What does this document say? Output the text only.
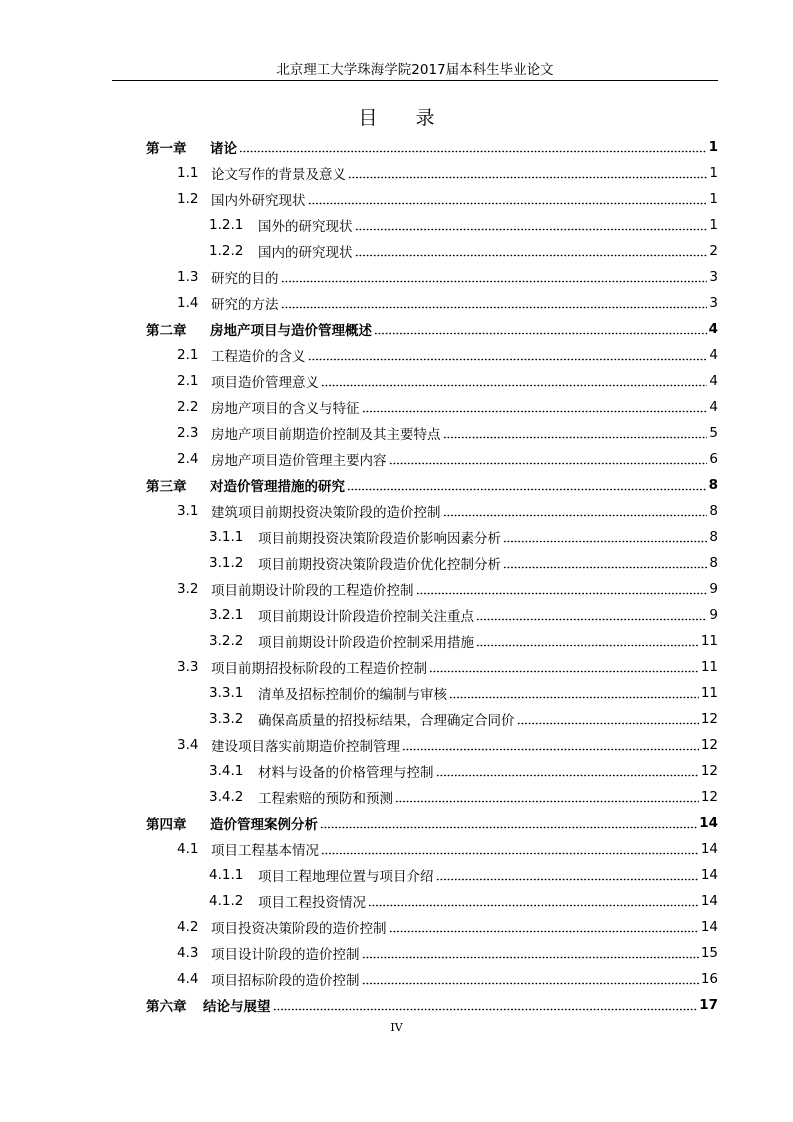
北京理工大学珠海学院2017届本科生毕业论文
目 录
第一章	诸论	1
1.1 论文写作的背景及意义	1
1.2 国内外研究现状	1
1.2.1	国外的研究现状	1
1.2.2	国内的研究现状	2
1.3 研究的目的	3
1.4 研究的方法	3
第二章	房地产项目与造价管理概述	4
2.1 工程造价的含义	4
2.1 项目造价管理意义	4
2.2 房地产项目的含义与特征	4
2.3 房地产项目前期造价控制及其主要特点	5
2.4 房地产项目造价管理主要内容	6
第三章	对造价管理措施的研究	8
3.1 建筑项目前期投资决策阶段的造价控制	8
3.1.1	项目前期投资决策阶段造价影响因素分析	8
3.1.2	项目前期投资决策阶段造价优化控制分析	8
3.2 项目前期设计阶段的工程造价控制	9
3.2.1	项目前期设计阶段造价控制关注重点	9
3.2.2	项目前期设计阶段造价控制采用措施	11
3.3 项目前期招投标阶段的工程造价控制	11
3.3.1	清单及招标控制价的编制与审核	11
3.3.2	确保高质量的招投标结果，合理确定合同价	12
3.4 建设项目落实前期造价控制管理	12
3.4.1	材料与设备的价格管理与控制	12
3.4.2	工程索赔的预防和预测	12
第四章	造价管理案例分析	14
4.1 项目工程基本情况	14
4.1.1	项目工程地理位置与项目介绍	14
4.1.2	项目工程投资情况	14
4.2 项目投资决策阶段的造价控制	14
4.3 项目设计阶段的造价控制	15
4.4 项目招标阶段的造价控制	16
第六章	结论与展望	17
IV
